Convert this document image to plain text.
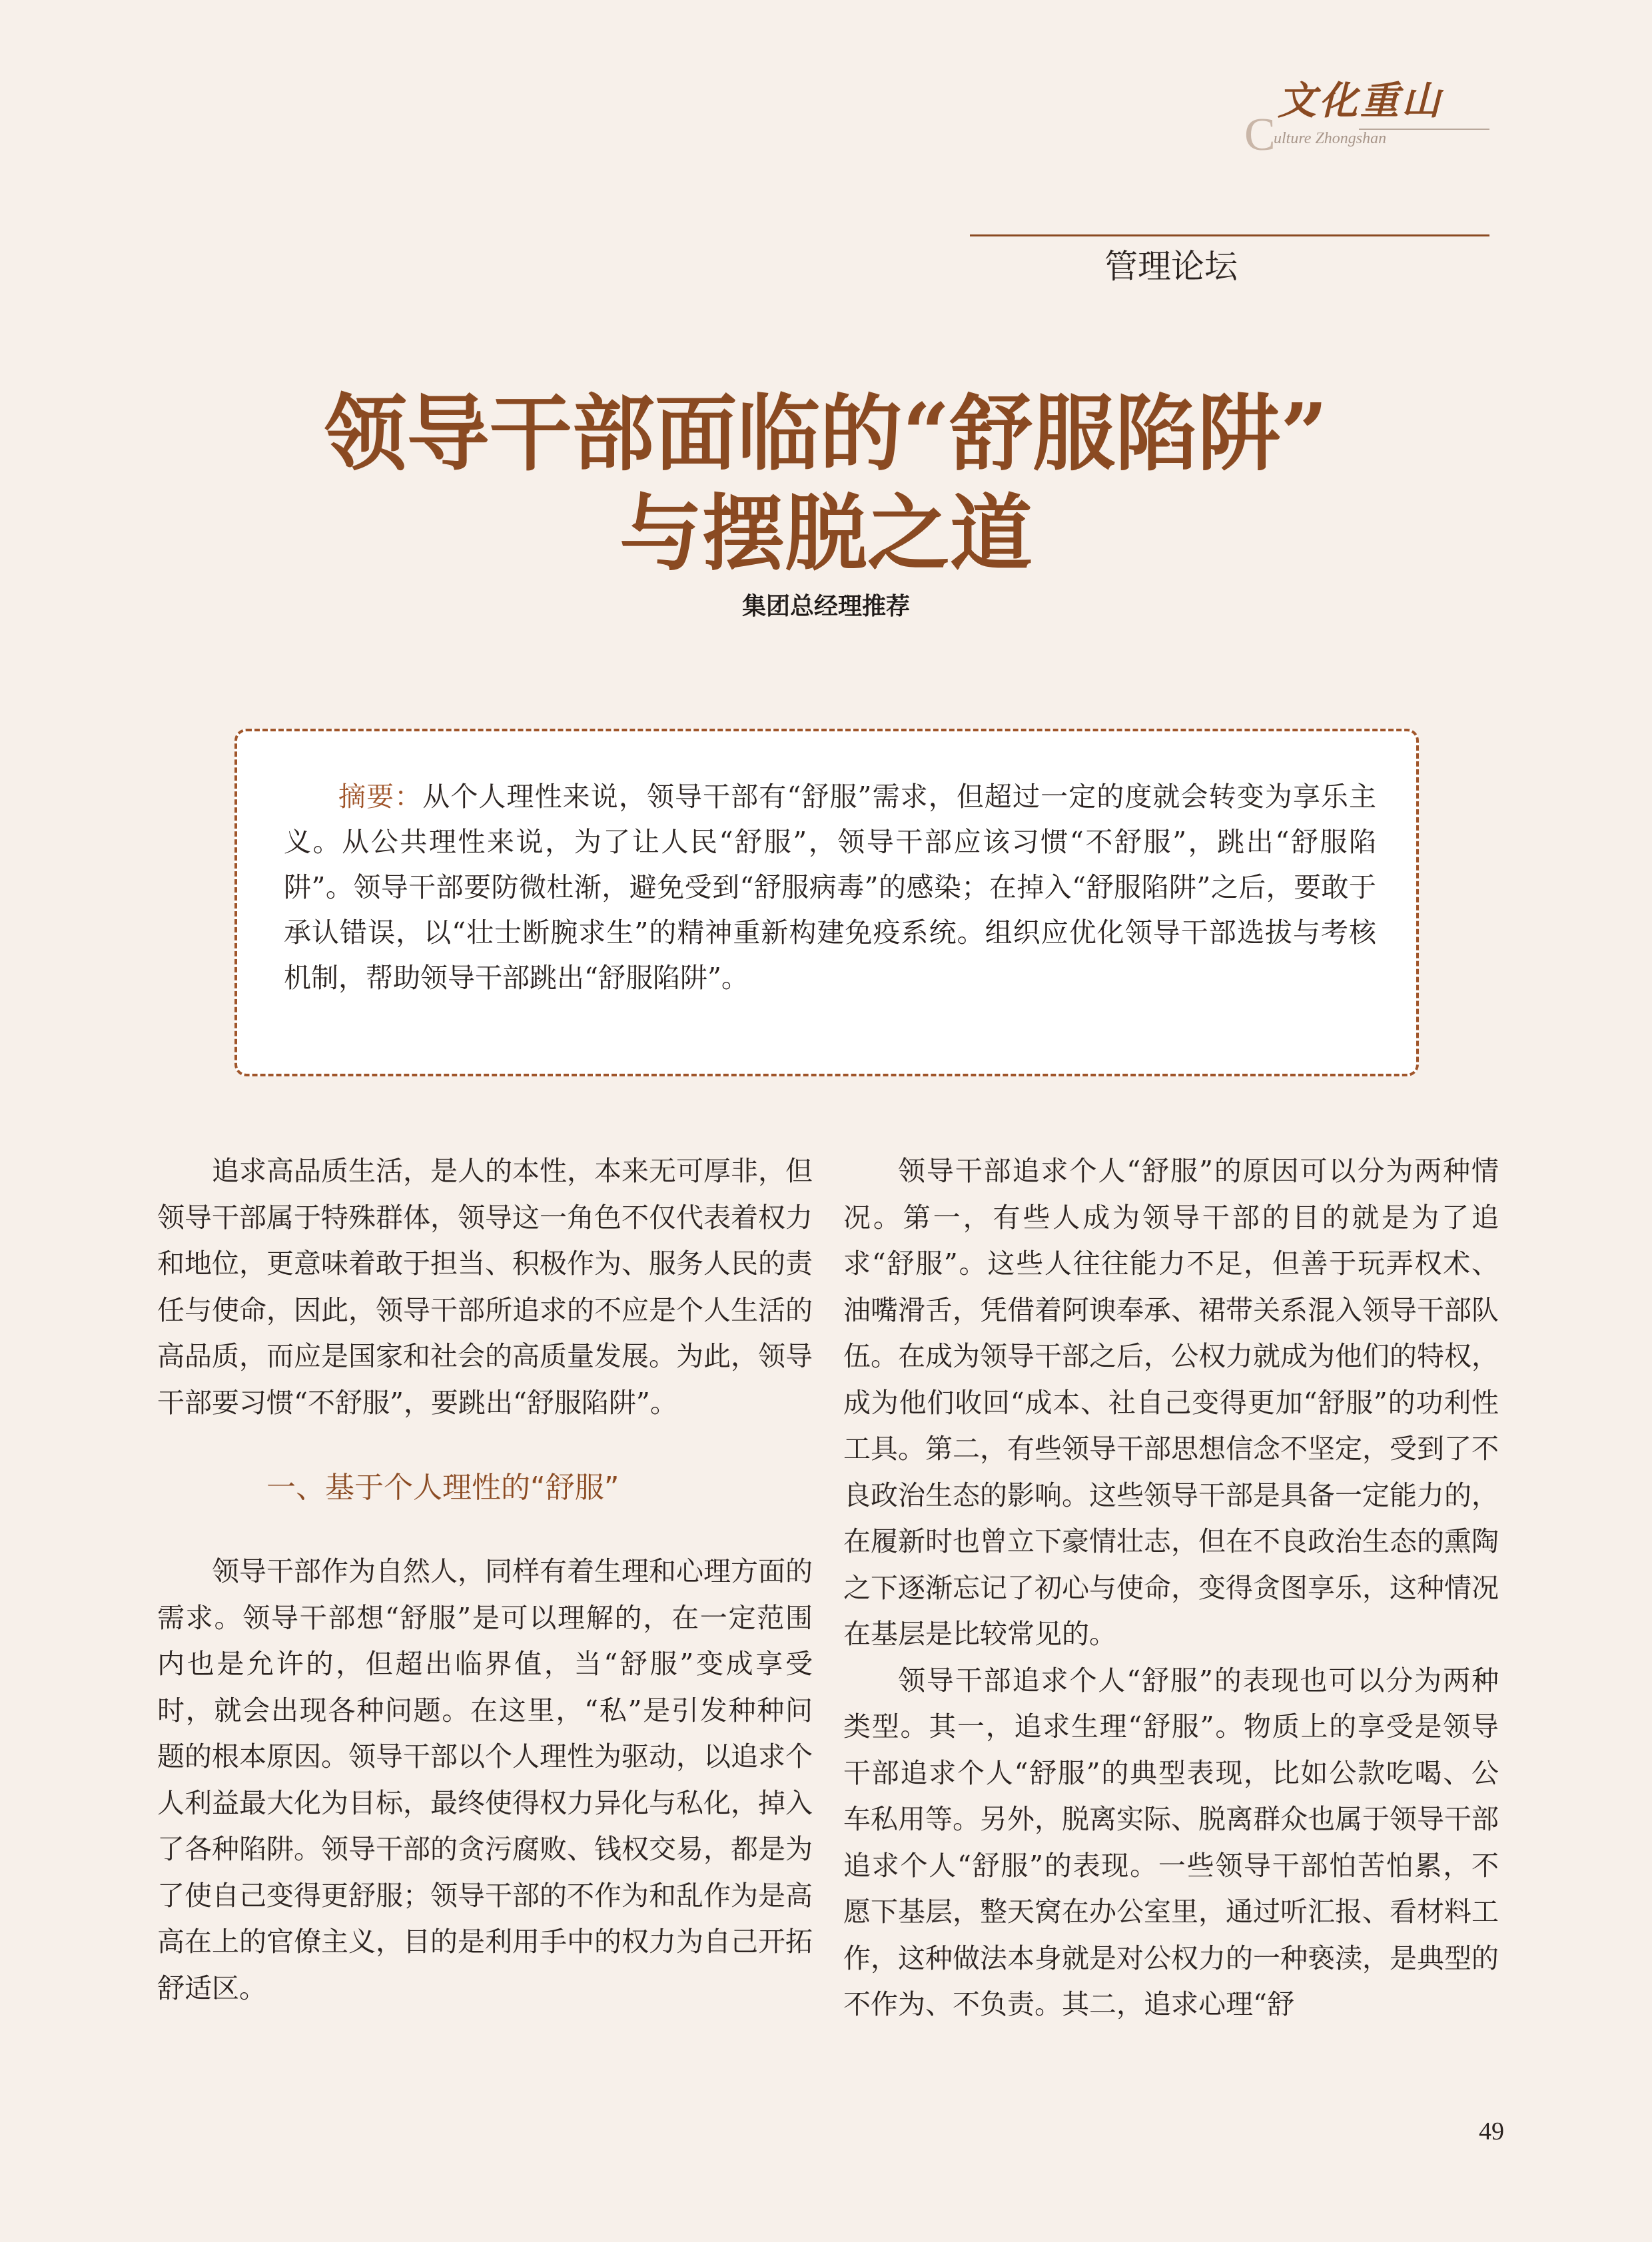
文化重山
C
ulture Zhongshan
管理论坛
领导干部面临的“舒服陷阱”
与摆脱之道
集团总经理推荐

摘要：从个人理性来说，领导干部有“舒服”需求，但超过一定的度就会转变为享乐主义。从公共理性来说，为了让人民“舒服”，领导干部应该习惯“不舒服”，跳出“舒服陷阱”。领导干部要防微杜渐，避免受到“舒服病毒”的感染；在掉入“舒服陷阱”之后，要敢于承认错误，以“壮士断腕求生”的精神重新构建免疫系统。组织应优化领导干部选拔与考核机制，帮助领导干部跳出“舒服陷阱”。

追求高品质生活，是人的本性，本来无可厚非，但领导干部属于特殊群体，领导这一角色不仅代表着权力和地位，更意味着敢于担当、积极作为、服务人民的责任与使命，因此，领导干部所追求的不应是个人生活的高品质，而应是国家和社会的高质量发展。为此，领导干部要习惯“不舒服”，要跳出“舒服陷阱”。

一、基于个人理性的“舒服”

领导干部作为自然人，同样有着生理和心理方面的需求。领导干部想“舒服”是可以理解的，在一定范围内也是允许的，但超出临界值，当“舒服”变成享受时，就会出现各种问题。在这里，“私”是引发种种问题的根本原因。领导干部以个人理性为驱动，以追求个人利益最大化为目标，最终使得权力异化与私化，掉入了各种陷阱。领导干部的贪污腐败、钱权交易，都是为了使自己变得更舒服；领导干部的不作为和乱作为是高高在上的官僚主义，目的是利用手中的权力为自己开拓舒适区。

领导干部追求个人“舒服”的原因可以分为两种情况。第一，有些人成为领导干部的目的就是为了追求“舒服”。这些人往往能力不足，但善于玩弄权术、油嘴滑舌，凭借着阿谀奉承、裙带关系混入领导干部队伍。在成为领导干部之后，公权力就成为他们的特权，成为他们收回“成本、社自己变得更加“舒服”的功利性工具。第二，有些领导干部思想信念不坚定，受到了不良政治生态的影响。这些领导干部是具备一定能力的，在履新时也曾立下豪情壮志，但在不良政治生态的熏陶之下逐渐忘记了初心与使命，变得贪图享乐，这种情况在基层是比较常见的。

领导干部追求个人“舒服”的表现也可以分为两种类型。其一，追求生理“舒服”。物质上的享受是领导干部追求个人“舒服”的典型表现，比如公款吃喝、公车私用等。另外，脱离实际、脱离群众也属于领导干部追求个人“舒服”的表现。一些领导干部怕苦怕累，不愿下基层，整天窝在办公室里，通过听汇报、看材料工作，这种做法本身就是对公权力的一种亵渎，是典型的不作为、不负责。其二，追求心理“舒

49
